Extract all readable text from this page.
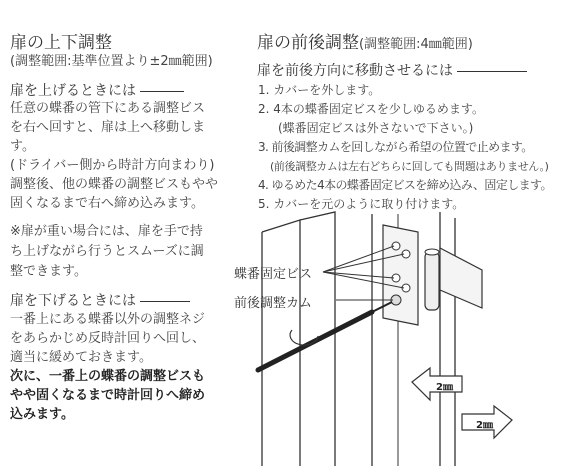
扉の上下調整
(調整範囲:基準位置より±2㎜範囲)
扉を上げるときには
任意の蝶番の管下にある調整ビス
を右へ回すと、扉は上へ移動しま
す。
(ドライバー側から時計方向まわり)
調整後、他の蝶番の調整ビスもやや
固くなるまで右へ締め込みます。
※扉が重い場合には、扉を手で持
ち上げながら行うとスムーズに調
整できます。
扉を下げるときには
一番上にある蝶番以外の調整ネジ
をあらかじめ反時計回りへ回し、
適当に緩めておきます。
次に、一番上の蝶番の調整ビスも
やや固くなるまで時計回りへ締め
込みます。
扉の前後調整(調整範囲:4㎜範囲)
扉を前後方向に移動させるには
1. カバーを外します。
2. 4本の蝶番固定ビスを少しゆるめます。
(蝶番固定ビスは外さないで下さい。)
3. 前後調整カムを回しながら希望の位置で止めます。
(前後調整カムは左右どちらに回しても問題はありません。)
4. ゆるめた4本の蝶番固定ビスを締め込み、固定します。
5. カバーを元のように取り付けます。
蝶番固定ビス
前後調整カム
2㎜
2㎜
